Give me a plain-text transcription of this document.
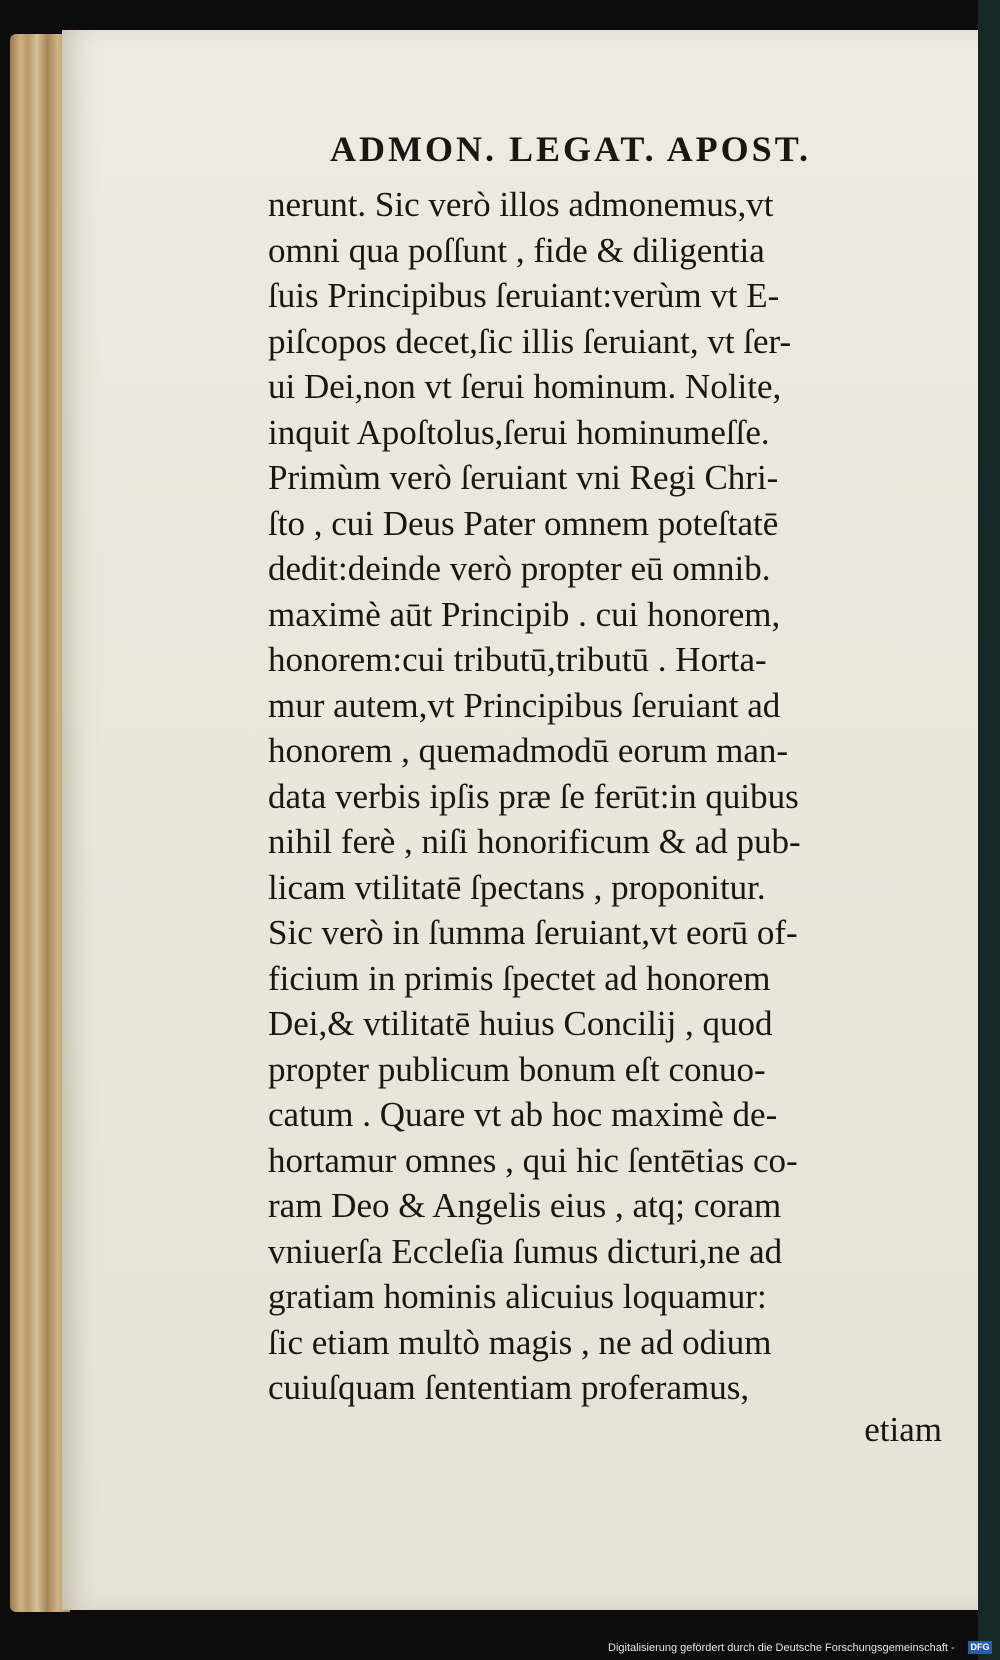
ADMON. LEGAT. APOST.
nerunt. Sic verò illos admonemus,vt
omni qua poſſunt , fide & diligentia
ſuis Principibus ſeruiant:verùm vt E-
piſcopos decet,ſic illis ſeruiant, vt ſer-
ui Dei,non vt ſerui hominum. Nolite,
inquit Apoſtolus,ſerui hominumeſſe.
Primùm verò ſeruiant vni Regi Chri-
ſto , cui Deus Pater omnem poteſtatē
dedit:deinde verò propter eū omnib.
maximè aūt Principib . cui honorem,
honorem:cui tributū,tributū . Horta-
mur autem,vt Principibus ſeruiant ad
honorem , quemadmodū eorum man-
data verbis ipſis præ ſe ferūt:in quibus
nihil ferè , niſi honorificum & ad pub-
licam vtilitatē ſpectans , proponitur.
Sic verò in ſumma ſeruiant,vt eorū of-
ficium in primis ſpectet ad honorem
Dei,& vtilitatē huius Concilij , quod
propter publicum bonum eſt conuo-
catum . Quare vt ab hoc maximè de-
hortamur omnes , qui hic ſentētias co-
ram Deo & Angelis eius , atq; coram
vniuerſa Eccleſia ſumus dicturi,ne ad
gratiam hominis alicuius loquamur:
ſic etiam multò magis , ne ad odium
cuiuſquam ſententiam proferamus,
etiam
Digitalisierung gefördert durch die Deutsche Forschungsgemeinschaft - DFG
